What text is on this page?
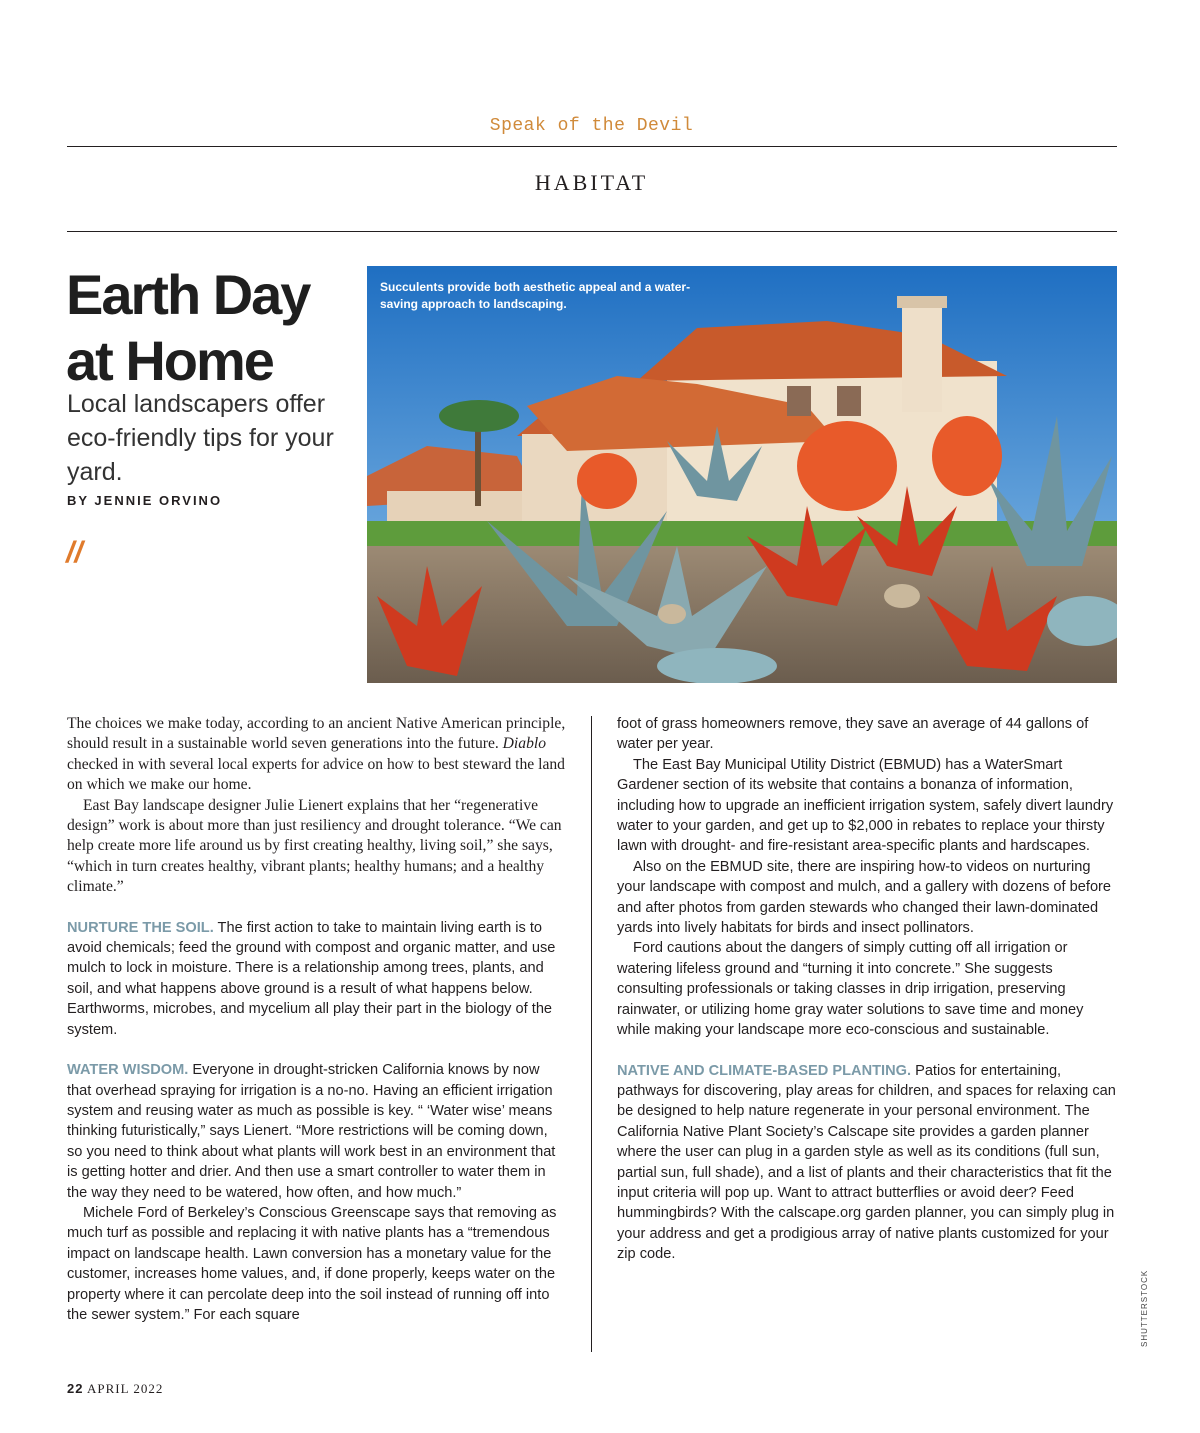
Speak of the Devil
HABITAT
Earth Day at Home
Local landscapers offer eco-friendly tips for your yard.
BY JENNIE ORVINO
//
Succulents provide both aesthetic appeal and a water-saving approach to landscaping.

The choices we make today, according to an ancient Native American principle, should result in a sustainable world seven generations into the future. Diablo checked in with several local experts for advice on how to best steward the land on which we make our home.

East Bay landscape designer Julie Lienert explains that her “regenerative design” work is about more than just resiliency and drought tolerance. “We can help create more life around us by first creating healthy, living soil,” she says, “which in turn creates healthy, vibrant plants; healthy humans; and a healthy climate.”

NURTURE THE SOIL. The first action to take to maintain living earth is to avoid chemicals; feed the ground with compost and organic matter, and use mulch to lock in moisture. There is a relationship among trees, plants, and soil, and what happens above ground is a result of what happens below. Earthworms, microbes, and mycelium all play their part in the biology of the system.

WATER WISDOM. Everyone in drought-stricken California knows by now that overhead spraying for irrigation is a no-no. Having an efficient irrigation system and reusing water as much as possible is key. “ ‘Water wise’ means thinking futuristically,” says Lienert. “More restrictions will be coming down, so you need to think about what plants will work best in an environment that is getting hotter and drier. And then use a smart controller to water them in the way they need to be watered, how often, and how much.”

Michele Ford of Berkeley’s Conscious Greenscape says that removing as much turf as possible and replacing it with native plants has a “tremendous impact on landscape health. Lawn conversion has a monetary value for the customer, increases home values, and, if done properly, keeps water on the property where it can percolate deep into the soil instead of running off into the sewer system.” For each square

foot of grass homeowners remove, they save an average of 44 gallons of water per year.

The East Bay Municipal Utility District (EBMUD) has a WaterSmart Gardener section of its website that contains a bonanza of information, including how to upgrade an inefficient irrigation system, safely divert laundry water to your garden, and get up to $2,000 in rebates to replace your thirsty lawn with drought- and fire-resistant area-specific plants and hardscapes.

Also on the EBMUD site, there are inspiring how-to videos on nurturing your landscape with compost and mulch, and a gallery with dozens of before and after photos from garden stewards who changed their lawn-dominated yards into lively habitats for birds and insect pollinators.

Ford cautions about the dangers of simply cutting off all irrigation or watering lifeless ground and “turning it into concrete.” She suggests consulting professionals or taking classes in drip irrigation, preserving rainwater, or utilizing home gray water solutions to save time and money while making your landscape more eco-conscious and sustainable.

NATIVE AND CLIMATE-BASED PLANTING. Patios for entertaining, pathways for discovering, play areas for children, and spaces for relaxing can be designed to help nature regenerate in your personal environment. The California Native Plant Society’s Calscape site provides a garden planner where the user can plug in a garden style as well as its conditions (full sun, partial sun, full shade), and a list of plants and their characteristics that fit the input criteria will pop up. Want to attract butterflies or avoid deer? Feed hummingbirds? With the calscape.org garden planner, you can simply plug in your address and get a prodigious array of native plants customized for your zip code.

SHUTTERSTOCK
22 APRIL 2022
